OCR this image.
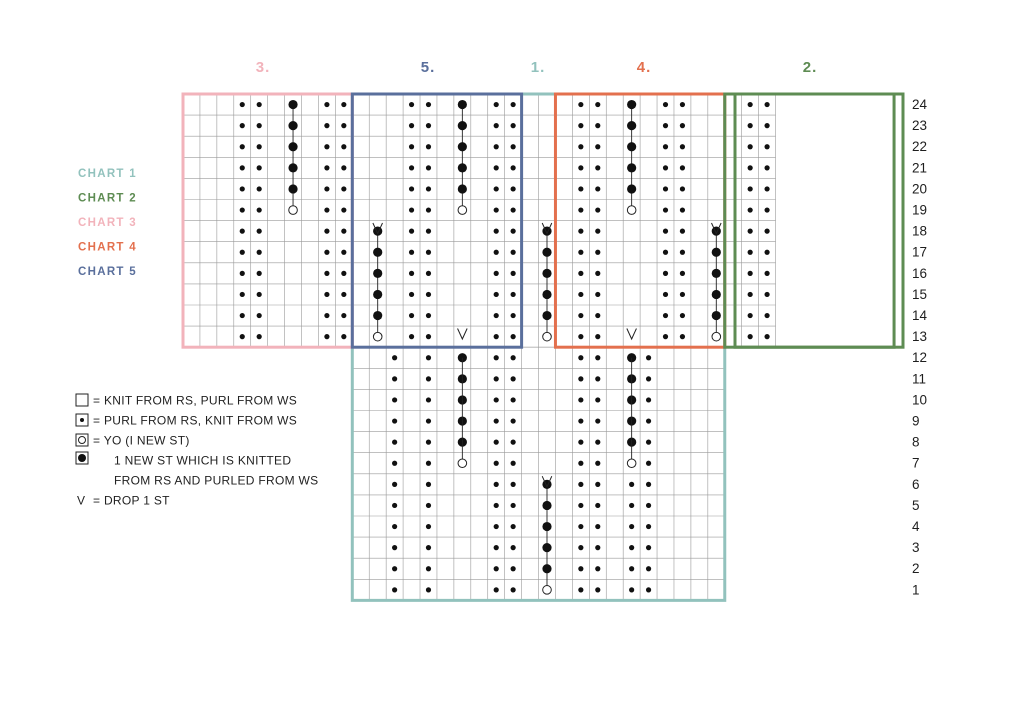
3.	5.	1.	4.	2.
CHART 1
CHART 2
CHART 3
CHART 4
CHART 5
24
23
22
21
20
19
18
17
16
15
14
13
12
11
10
9
8
7
6
5
4
3
2
1
= KNIT FROM RS, PURL FROM WS
= PURL FROM RS, KNIT FROM WS
= YO (I NEW ST)
1 NEW ST WHICH IS KNITTED
FROM RS AND PURLED FROM WS
V = DROP 1 ST
